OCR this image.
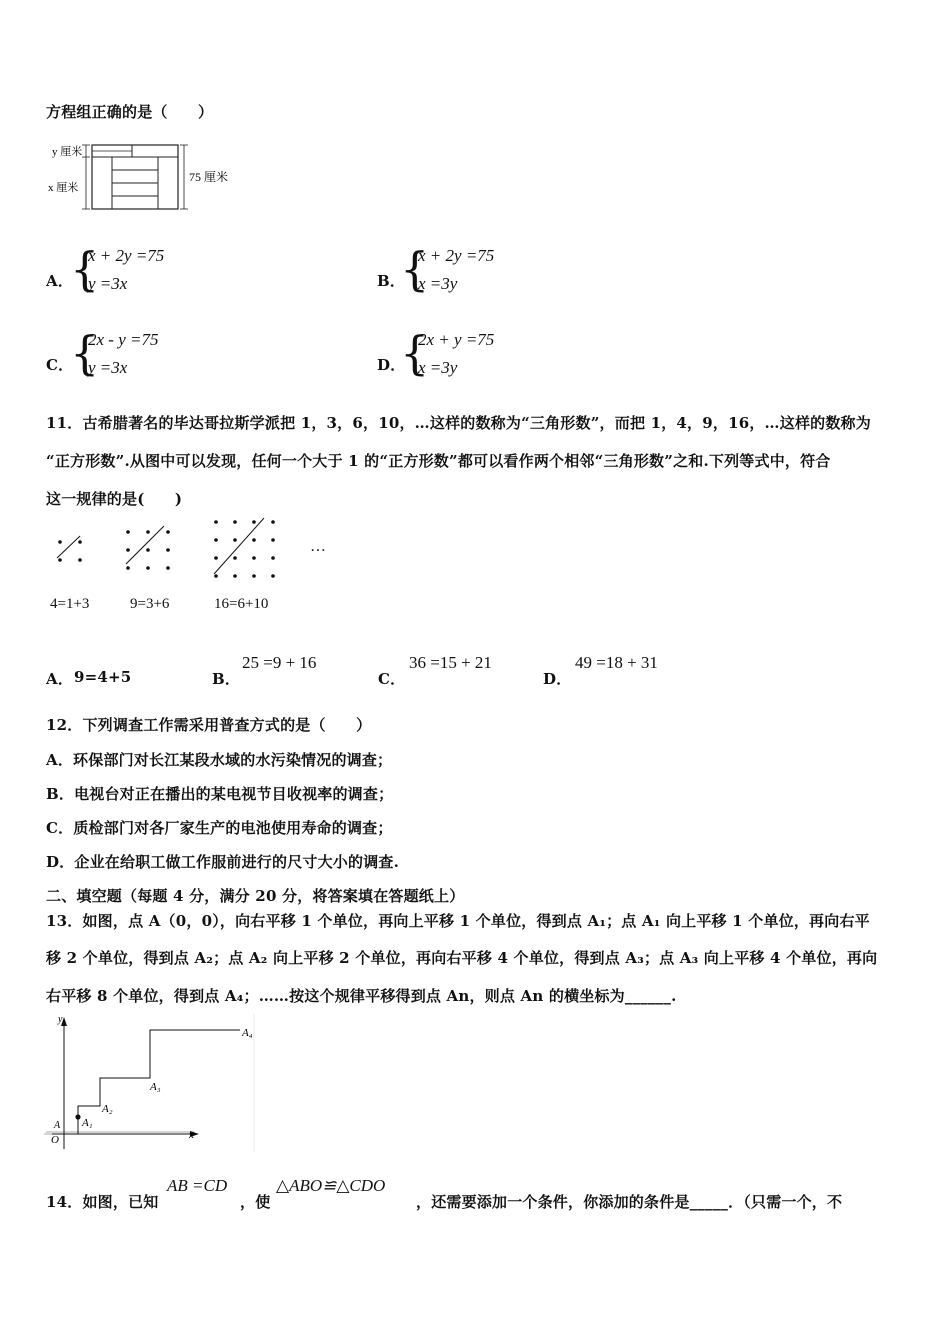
方程组正确的是（　　）
y 厘米
x 厘米
75 厘米
A．
{
x + 2y =75
y =3x	B．
{
x + 2y =75
x =3y
C．
{
2x - y =75
y =3x	D．
{
2x + y =75
x =3y
11．古希腊著名的毕达哥拉斯学派把 1，3，6，10，…这样的数称为“三角形数”，而把 1，4，9，16，…这样的数称为
“正方形数”.从图中可以发现，任何一个大于 1 的“正方形数”都可以看作两个相邻“三角形数”之和.下列等式中，符合
这一规律的是(　　)
…
4=1+3	9=3+6	16=6+10
A． 9=4+5	B．
25 =9 + 16
C．
36 =15 + 21
D．
49 =18 + 31
12．下列调查工作需采用普查方式的是（　　）
A．环保部门对长江某段水域的水污染情况的调查；
B．电视台对正在播出的某电视节目收视率的调查；
C．质检部门对各厂家生产的电池使用寿命的调查；
D．企业在给职工做工作服前进行的尺寸大小的调查.
二、填空题（每题 4 分，满分 20 分，将答案填在答题纸上）
13．如图，点 A（0，0），向右平移 1 个单位，再向上平移 1 个单位，得到点 A₁；点 A₁ 向上平移 1 个单位，再向右平
移 2 个单位，得到点 A₂；点 A₂ 向上平移 2 个单位，再向右平移 4 个单位，得到点 A₃；点 A₃ 向上平移 4 个单位，再向
右平移 8 个单位，得到点 A₄；……按这个规律平移得到点 An，则点 An 的横坐标为______.
y
x
O
A A₁
A₂
A₃
A₄
14．如图，已知
AB =CD
，使
△ABO≌△CDO
，还需要添加一个条件，你添加的条件是_____．（只需一个，不
